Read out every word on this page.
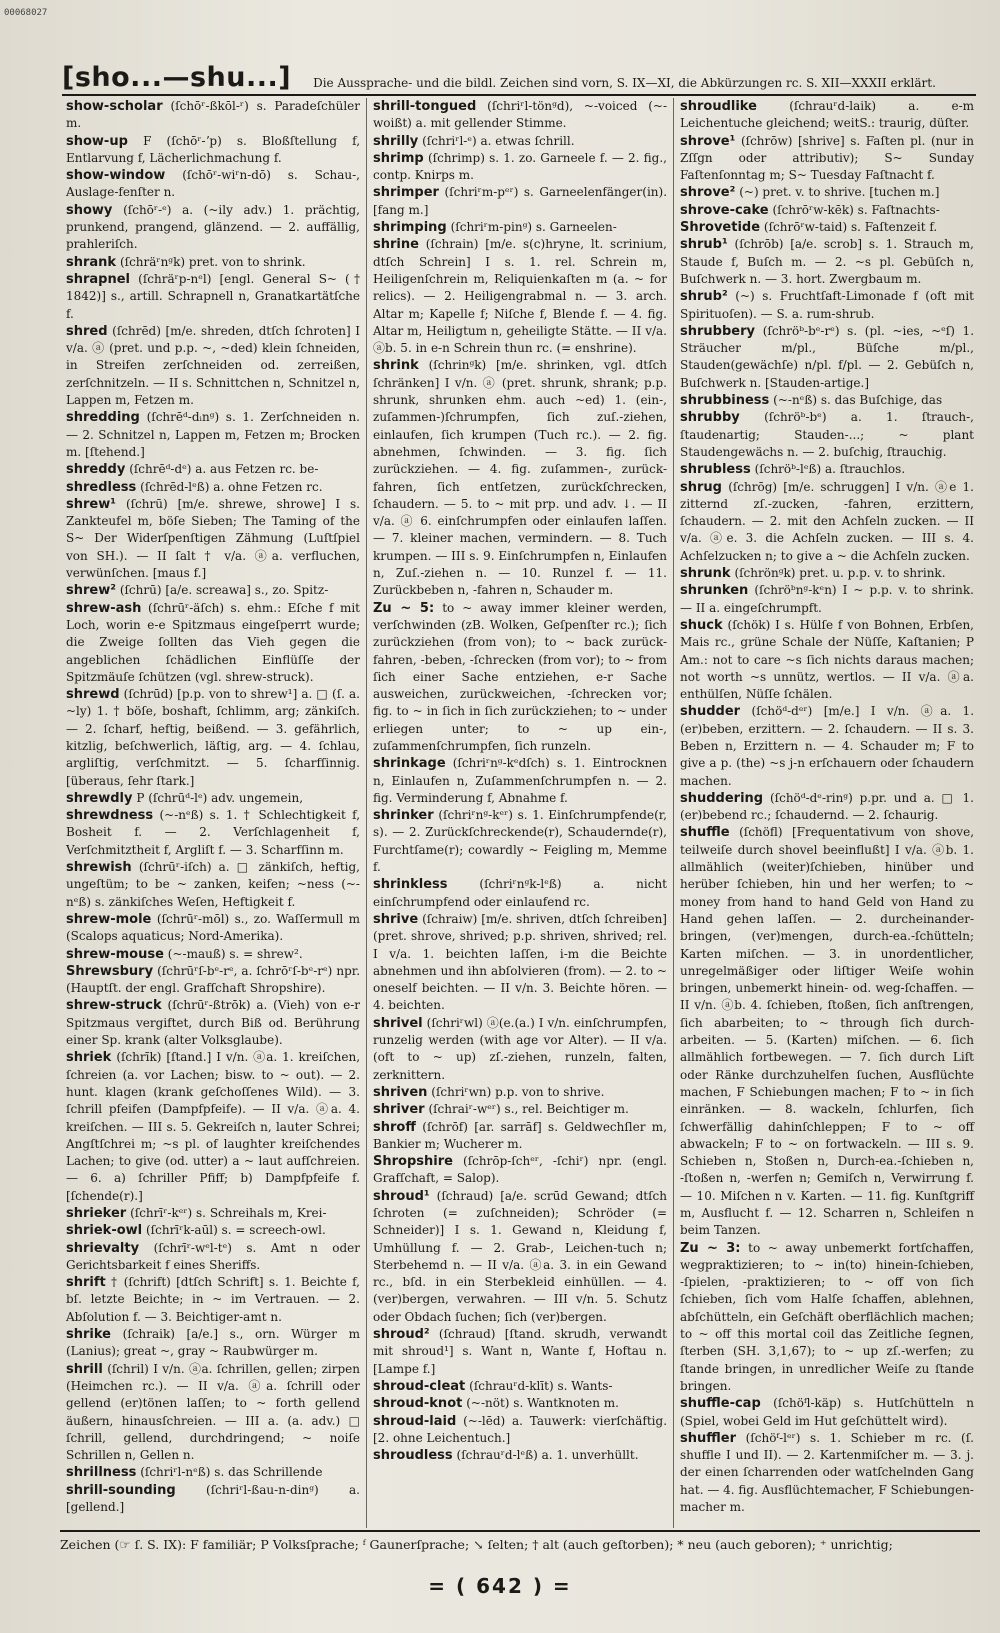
00068027
[sho...—shu...] Die Aussprache- und die bildl. Zeichen sind vorn, S. IX—XI, die Abkürzungen rc. S. XII—XXXII erklärt.

show-scholar (ſchōʳ-ßkōl-ʳ) s. Paradeſchüler m.

show-up F (ſchōʳ-ʼp) s. Bloßſtellung f, Entlarvung f, Lächerlichmachung f.

show-window (ſchōʳ-wiʳn-dō) s. Schau-, Auslage-fenſter n.

showy (ſchōʳ-ᵉ) a. (~ily adv.) 1. prächtig, prunkend, prangend, glänzend. — 2. auffällig, prahleriſch.

shrank (ſchräʳnᵍk) pret. von to shrink.

shrapnel (ſchräʳp-nᵉl) [engl. General S~ († 1842)] s., artill. Schrapnell n, Granatkartätſche f.

shred (ſchrēd) [m/e. shreden, dtſch ſchroten] I v/a. ⓐ (pret. und p.p. ~, ~ded) klein ſchneiden, in Streifen zerſchneiden od. zerreißen, zerſchnitzeln. — II s. Schnittchen n, Schnitzel n, Lappen m, Fetzen m.

shredding (ſchrēᵈ-dᵢnᵍ) s. 1. Zerſchneiden n. — 2. Schnitzel n, Lappen m, Fetzen m; Brocken m. [ſtehend.]

shreddy (ſchrēᵈ-dᵉ) a. aus Fetzen rc. be-

shredless (ſchrēd-lᵉß) a. ohne Fetzen rc.

shrew¹ (ſchrū) [m/e. shrewe, shrowe] I s. Zankteufel m, böſe Sieben; The Taming of the S~ Der Widerſpenſtigen Zähmung (Luſtſpiel von SH.). — II ſalt † v/a. ⓐa. verfluchen, verwünſchen. [maus f.]

shrew² (ſchrū) [a/e. screawa] s., zo. Spitz-

shrew-ash (ſchrūʳ-äſch) s. ehm.: Eſche f mit Loch, worin e-e Spitzmaus eingeſperrt wurde; die Zweige ſollten das Vieh gegen die angeblichen ſchädlichen Einflüſſe der Spitzmäuſe ſchützen (vgl. shrew-struck).

shrewd (ſchrūd) [p.p. von to shrew¹] a. □ (ſ. a. ~ly) 1. † böſe, boshaft, ſchlimm, arg; zänkiſch. — 2. ſcharf, heftig, beißend. — 3. gefährlich, kitzlig, beſchwerlich, läſtig, arg. — 4. ſchlau, argliſtig, verſchmitzt. — 5. ſcharfſinnig. [überaus, ſehr ſtark.]

shrewdly P (ſchrūᵈ-lᵉ) adv. ungemein,

shrewdness (~-nᵉß) s. 1. † Schlechtigkeit f, Bosheit f. — 2. Verſchlagenheit f, Verſchmitztheit f, Argliſt f. — 3. Scharfſinn m.

shrewish (ſchrūʳ-iſch) a. □ zänkiſch, heftig, ungeſtüm; to be ~ zanken, keifen; ~ness (~-nᵉß) s. zänkiſches Weſen, Heftigkeit f.

shrew-mole (ſchrūʳ-mōl) s., zo. Waſſermull m (Scalops aquaticus; Nord-Amerika).

shrew-mouse (~-mauß) s. = shrew².

Shrewsbury (ſchrūʳſ-bᵉ-rᵉ, a. ſchrōʳſ-bᵉ-rᵉ) npr. (Hauptſt. der engl. Grafſchaft Shropshire).

shrew-struck (ſchrūʳ-ßtrōk) a. (Vieh) von e-r Spitzmaus vergiftet, durch Biß od. Berührung einer Sp. krank (alter Volksglaube).

shriek (ſchrīk) [ſtand.] I v/n. ⓐa. 1. kreiſchen, ſchreien (a. vor Lachen; bisw. to ~ out). — 2. hunt. klagen (krank geſchoſſenes Wild). — 3. ſchrill pfeifen (Dampfpfeife). — II v/a. ⓐa. 4. kreiſchen. — III s. 5. Gekreiſch n, lauter Schrei; Angſtſchrei m; ~s pl. of laughter kreiſchendes Lachen; to give (od. utter) a ~ laut aufſchreien. — 6. a) ſchriller Pfiff; b) Dampfpfeife f. [ſchende(r).]

shrieker (ſchrīʳ-kᵉʳ) s. Schreihals m, Krei-

shriek-owl (ſchrīʳk-aūl) s. = screech-owl.

shrievalty (ſchrīʳ-wᵉl-tᵉ) s. Amt n oder Gerichtsbarkeit f eines Sheriffs.

shrift † (ſchrift) [dtſch Schrift] s. 1. Beichte f, bſ. letzte Beichte; in ~ im Vertrauen. — 2. Abſolution f. — 3. Beichtiger-amt n.

shrike (ſchraik) [a/e.] s., orn. Würger m (Lanius); great ~, gray ~ Raubwürger m.

shrill (ſchril) I v/n. ⓐa. ſchrillen, gellen; zirpen (Heimchen rc.). — II v/a. ⓐa. ſchrill oder gellend (er)tönen laſſen; to ~ forth gellend äußern, hinausſchreien. — III a. (a. adv.) □ ſchrill, gellend, durchdringend; ~ noiſe Schrillen n, Gellen n.

shrillness (ſchriʳl-nᵉß) s. das Schrillende

shrill-sounding	(ſchriʳl-ßau-n-dinᵍ) a. [gellend.]

shrill-tongued (ſchriʳl-tönᵍd), ~-voiced (~-woißt) a. mit gellender Stimme.

shrilly (ſchriʳl-ᵉ) a. etwas ſchrill.

shrimp (ſchrimp) s. 1. zo. Garneele f. — 2. fig., contp. Knirps m.

shrimper (ſchriʳm-pᵉʳ) s. Garneelenfänger(in). [fang m.]

shrimping (ſchriʳm-pinᵍ) s. Garneelen-

shrine (ſchrain) [m/e. s(c)hryne, lt. scrinium, dtſch Schrein] I s. 1. rel. Schrein m, Heiligenſchrein m, Reliquienkaſten m (a. ~ for relics). — 2. Heiligengrabmal n. — 3. arch. Altar m; Kapelle f; Niſche f, Blende f. — 4. fig. Altar m, Heiligtum n, geheiligte Stätte. — II v/a. ⓐb. 5. in e-n Schrein thun rc. (= enshrine).

shrink (ſchrinᵍk) [m/e. shrinken, vgl. dtſch ſchränken] I v/n. ⓐ (pret. shrunk, shrank; p.p. shrunk, shrunken ehm. auch ~ed) 1. (ein-, zuſammen-)ſchrumpfen, ſich zuſ.-ziehen, einlaufen, ſich krumpen (Tuch rc.). — 2. fig. abnehmen, ſchwinden. — 3. fig. ſich zurückziehen. — 4. fig. zuſammen-, zurück-fahren, ſich entſetzen, zurückſchrecken, ſchaudern. — 5. to ~ mit prp. und adv. ↓. — II v/a. ⓐ 6. einſchrumpfen oder einlaufen laſſen. — 7. kleiner machen, vermindern. — 8. Tuch krumpen. — III s. 9. Einſchrumpfen n, Einlaufen n, Zuſ.-ziehen n. — 10. Runzel f. — 11. Zurückbeben n, -fahren n, Schauder m.

Zu ~ 5: to ~ away immer kleiner werden, verſchwinden (zB. Wolken, Geſpenſter rc.); ſich zurückziehen (from von); to ~ back zurück-fahren, -beben, -ſchrecken (from vor); to ~ from ſich einer Sache entziehen, e-r Sache ausweichen, zurückweichen, -ſchrecken vor; fig. to ~ in ſich in ſich zurückziehen; to ~ under erliegen unter; to ~ up ein-, zuſammenſchrumpfen, ſich runzeln.

shrinkage (ſchriʳnᵍ-kᵉdſch) s. 1. Eintrocknen n, Einlaufen n, Zuſammenſchrumpfen n. — 2. fig. Verminderung f, Abnahme f.

shrinker (ſchriʳnᵍ-kᵉʳ) s. 1. Einſchrumpfende(r, s). — 2. Zurückſchreckende(r), Schaudernde(r), Furchtſame(r); cowardly ~ Feigling m, Memme f.

shrinkless	(ſchriʳnᵍk-lᵉß) a. nicht einſchrumpfend oder einlaufend rc.

shrive (ſchraiw) [m/e. shriven, dtſch ſchreiben] (pret. shrove, shrived; p.p. shriven, shrived; rel. I v/a. 1. beichten laſſen, i-m die Beichte abnehmen und ihn abſolvieren (from). — 2. to ~ oneself beichten. — II v/n. 3. Beichte hören. — 4. beichten.

shrivel (ſchriʳwl) ⓐ(e.(a.) I v/n. einſchrumpfen, runzelig werden (with age vor Alter). — II v/a. (oft to ~ up) zſ.-ziehen, runzeln, falten, zerknittern.

shriven (ſchriʳwn) p.p. von to shrive.

shriver (ſchraiʳ-wᵉʳ) s., rel. Beichtiger m.

shroff (ſchrōf) [ar. sarrāf] s. Geldwechſler m, Bankier m; Wucherer m.

Shropshire (ſchrōp-ſchᵉʳ, -ſchiʳ) npr. (engl. Grafſchaft, = Salop).

shroud¹ (ſchraud) [a/e. scrūd Gewand; dtſch ſchroten (= zuſchneiden); Schröder (= Schneider)] I s. 1. Gewand n, Kleidung f, Umhüllung f. — 2. Grab-, Leichen-tuch n; Sterbehemd n. — II v/a. ⓐa. 3. in ein Gewand rc., bſd. in ein Sterbekleid einhüllen. — 4. (ver)bergen, verwahren. — III v/n. 5. Schutz oder Obdach ſuchen; ſich (ver)bergen.

shroud² (ſchraud) [ſtand. skrudh, verwandt mit shroud¹] s. Want n, Wante f, Hoftau n. [Lampe f.]

shroud-cleat (ſchrauʳd-klīt) s. Wants-

shroud-knot (~-nöt) s. Wantknoten m.

shroud-laid (~-lēd) a. Tauwerk: vierſchäftig. [2. ohne Leichentuch.]

shroudless (ſchrauʳd-lᵉß) a. 1. unverhüllt.

shroudlike	(ſchrauʳd-laik) a. e-m Leichentuche gleichend; weitS.: traurig, düſter.

shrove¹ (ſchrōw) [shrive] s. Faſten pl. (nur in Zſſgn oder attributiv); S~ Sunday Faſtenſonntag m; S~ Tuesday Faſtnacht f.

shrove² (~) pret. v. to shrive. [tuchen m.]

shrove-cake (ſchrōʳw-kēk) s. Faſtnachts-

Shrovetide (ſchrōʳw-taid) s. Faſtenzeit f.

shrub¹ (ſchrōb) [a/e. scrob] s. 1. Strauch m, Staude f, Buſch m. — 2. ~s pl. Gebüſch n, Buſchwerk n. — 3. hort. Zwergbaum m.

shrub² (~) s. Fruchtſaft-Limonade f (oft mit Spirituoſen). — S. a. rum-shrub.

shrubbery (ſchröᵇ-bᵉ-rᵉ) s. (pl. ~ies, ~ᵉſ) 1. Sträucher m/pl., Büſche m/pl., Stauden(gewächſe) n/pl. f/pl. — 2. Gebüſch n, Buſchwerk n. [Stauden-artige.]

shrubbiness (~-nᵉß) s. das Buſchige, das

shrubby (ſchröᵇ-bᵉ) a. 1. ſtrauch-, ſtaudenartig; Stauden-...; ~ plant Staudengewächs n. — 2. buſchig, ſtrauchig.

shrubless (ſchröᵇ-lᵉß) a. ſtrauchlos.

shrug (ſchrōg) [m/e. schruggen] I v/n. ⓐe 1. zitternd zſ.-zucken, -fahren, erzittern, ſchaudern. — 2. mit den Achſeln zucken. — II v/a. ⓐe. 3. die Achſeln zucken. — III s. 4. Achſelzucken n; to give a ~ die Achſeln zucken.

shrunk (ſchrönᵍk) pret. u. p.p. v. to shrink.

shrunken (ſchröᵇnᵍ-kᵉn) I ~ p.p. v. to shrink. — II a. eingeſchrumpft.

shuck (ſchök) I s. Hülſe f von Bohnen, Erbſen, Mais rc., grüne Schale der Nüſſe, Kaſtanien; P Am.: not to care ~s ſich nichts daraus machen; not worth ~s unnütz, wertlos. — II v/a. ⓐa. enthülſen, Nüſſe ſchälen.

shudder (ſchöᵈ-dᵉʳ) [m/e.] I v/n. ⓐa. 1. (er)beben, erzittern. — 2. ſchaudern. — II s. 3. Beben n, Erzittern n. — 4. Schauder m; F to give a p. (the) ~s j-n erſchauern oder ſchaudern machen.

shuddering (ſchöᵈ-dᵉ-rinᵍ) p.pr. und a. □ 1. (er)bebend rc.; ſchaudernd. — 2. ſchaurig.

shuffle (ſchöfl) [Frequentativum von shove, teilweiſe durch shovel beeinflußt] I v/a. ⓐb. 1. allmählich (weiter)ſchieben, hinüber und herüber ſchieben, hin und her werfen; to ~ money from hand to hand Geld von Hand zu Hand gehen laſſen. — 2. durcheinander-bringen, (ver)mengen, durch-ea.-ſchütteln; Karten miſchen. — 3. in unordentlicher, unregelmäßiger oder liſtiger Weiſe wohin bringen, unbemerkt hinein- od. weg-ſchaffen. — II v/n. ⓐb. 4. ſchieben, ſtoßen, ſich anſtrengen, ſich abarbeiten; to ~ through ſich durch-arbeiten. — 5. (Karten) miſchen. — 6. ſich allmählich fortbewegen. — 7. ſich durch Liſt oder Ränke durchzuhelfen ſuchen, Ausflüchte machen, F Schiebungen machen; F to ~ in ſich einränken. — 8. wackeln, ſchlurfen, ſich ſchwerfällig dahinſchleppen; F to ~ off abwackeln; F to ~ on fortwackeln. — III s. 9. Schieben n, Stoßen n, Durch-ea.-ſchieben n, -ſtoßen n, -werfen n; Gemiſch n, Verwirrung f. — 10. Miſchen n v. Karten. — 11. fig. Kunſtgriff m, Ausflucht f. — 12. Scharren n, Schleifen n beim Tanzen.

Zu ~ 3: to ~ away unbemerkt fortſchaffen, wegpraktizieren; to ~ in(to) hinein-ſchieben, -ſpielen, -praktizieren; to ~ off von ſich ſchieben, ſich vom Halſe ſchaffen, ablehnen, abſchütteln, ein Geſchäft oberflächlich machen; to ~ off this mortal coil das Zeitliche ſegnen, ſterben (SH. 3,1,67); to ~ up zſ.-werfen; zu ſtande bringen, in unredlicher Weiſe zu ſtande bringen.

shuffle-cap (ſchöᶠl-käp) s. Hutſchütteln n (Spiel, wobei Geld im Hut geſchüttelt wird).

shuffler (ſchöᶠ-lᵉʳ) s. 1. Schieber m rc. (ſ. shuffle I und II). — 2. Kartenmiſcher m. — 3. j. der einen ſcharrenden oder watſchelnden Gang hat. — 4. fig. Ausflüchtemacher, F Schiebungen-macher m.

Zeichen (☞ ſ. S. IX): F familiär; P Volksſprache; ᶠ Gaunerſprache; ↘ ſelten; † alt (auch geſtorben); * neu (auch geboren); ⁺ unrichtig;
= ( 642 ) =
